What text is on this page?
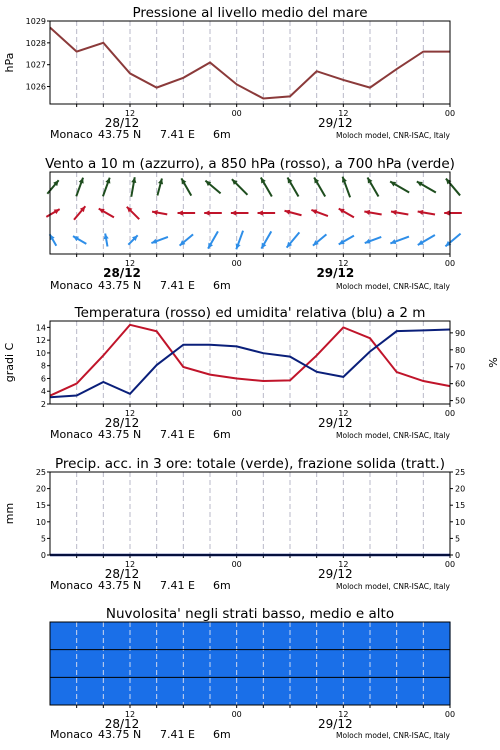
Pressione al livello medio del mare
1026
1027
1028
1029
hPa
12
28/12
00	12
29/12
00
Monaco 43.75 N 7.41 E 6m	Moloch model, CNR-ISAC, Italy
Vento a 10 m (azzurro), a 850 hPa (rosso), a 700 hPa (verde)
12
28/12
00	12
29/12
00
Monaco 43.75 N 7.41 E 6m	Moloch model, CNR-ISAC, Italy
Temperatura (rosso) ed umidita' relativa (blu) a 2 m
2
4
6
8
10
12
14
gradi C
50
60
70
80
90
%
12
28/12
00	12
29/12
00
Monaco 43.75 N 7.41 E 6m	Moloch model, CNR-ISAC, Italy
Precip. acc. in 3 ore: totale (verde), frazione solida (tratt.)
0
5
10
15
20
25
mm
0
5
10
15
20
25
12
28/12
00	12
29/12
00
Monaco 43.75 N 7.41 E 6m	Moloch model, CNR-ISAC, Italy
Nuvolosita' negli strati basso, medio e alto
12
28/12
00	12
29/12
00
Monaco 43.75 N 7.41 E 6m	Moloch model, CNR-ISAC, Italy
